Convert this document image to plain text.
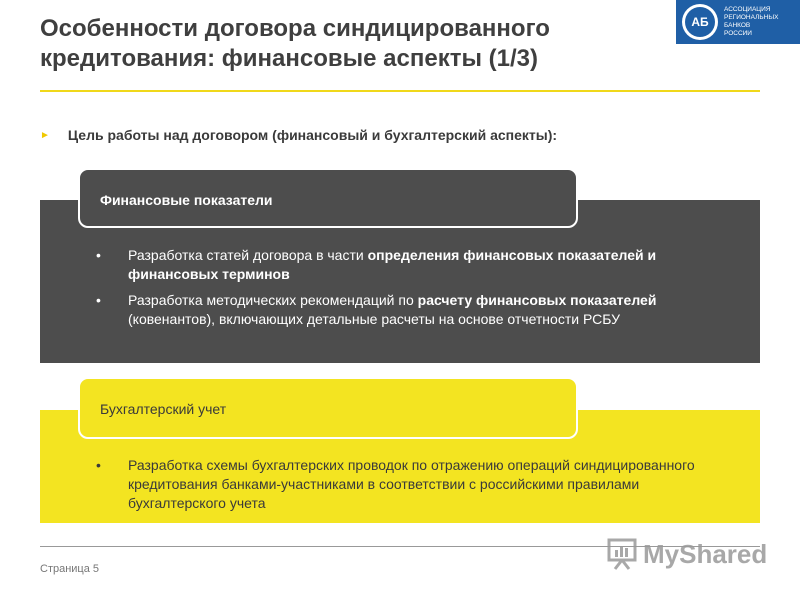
Особенности договора синдицированного кредитования: финансовые аспекты (1/3)
АБ
АССОЦИАЦИЯ
РЕГИОНАЛЬНЫХ
БАНКОВ
РОССИИ
► Цель работы над договором (финансовый и бухгалтерский аспекты):
Финансовые показатели
• Разработка статей договора в части определения финансовых показателей и финансовых терминов
• Разработка методических рекомендаций по расчету финансовых показателей (ковенантов), включающих детальные расчеты на основе отчетности РСБУ
Бухгалтерский учет
• Разработка схемы бухгалтерских проводок по отражению операций синдицированного кредитования банками-участниками в соответствии с российскими правилами бухгалтерского учета
Страница 5
MyShared
